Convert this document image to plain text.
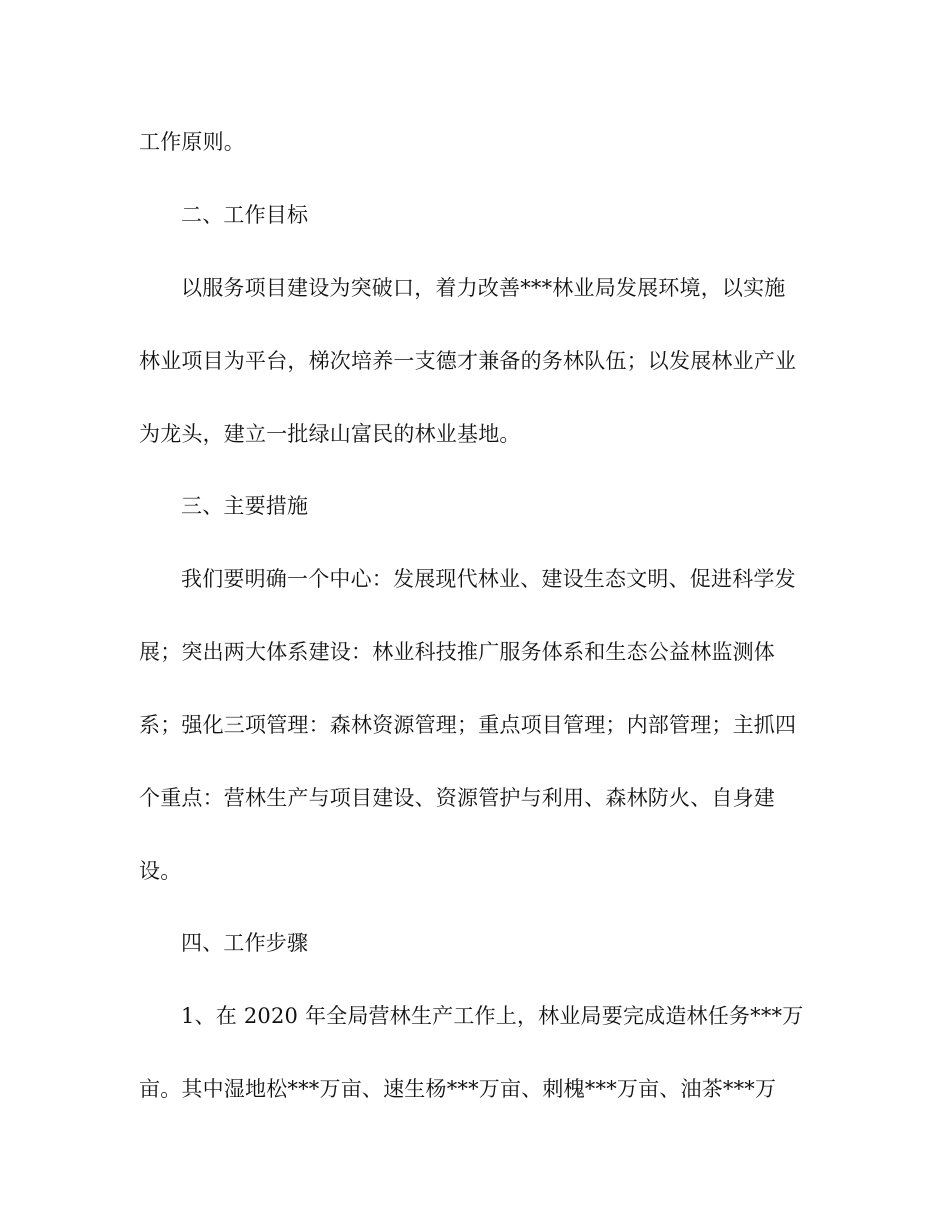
工作原则。
二、工作目标
以服务项目建设为突破口，着力改善***林业局发展环境，以实施
林业项目为平台，梯次培养一支德才兼备的务林队伍；以发展林业产业
为龙头，建立一批绿山富民的林业基地。
三、主要措施
我们要明确一个中心：发展现代林业、建设生态文明、促进科学发
展；突出两大体系建设：林业科技推广服务体系和生态公益林监测体
系；强化三项管理：森林资源管理；重点项目管理；内部管理；主抓四
个重点：营林生产与项目建设、资源管护与利用、森林防火、自身建
设。
四、工作步骤
1、在 2020 年全局营林生产工作上，林业局要完成造林任务***万
亩。其中湿地松***万亩、速生杨***万亩、刺槐***万亩、油茶***万
